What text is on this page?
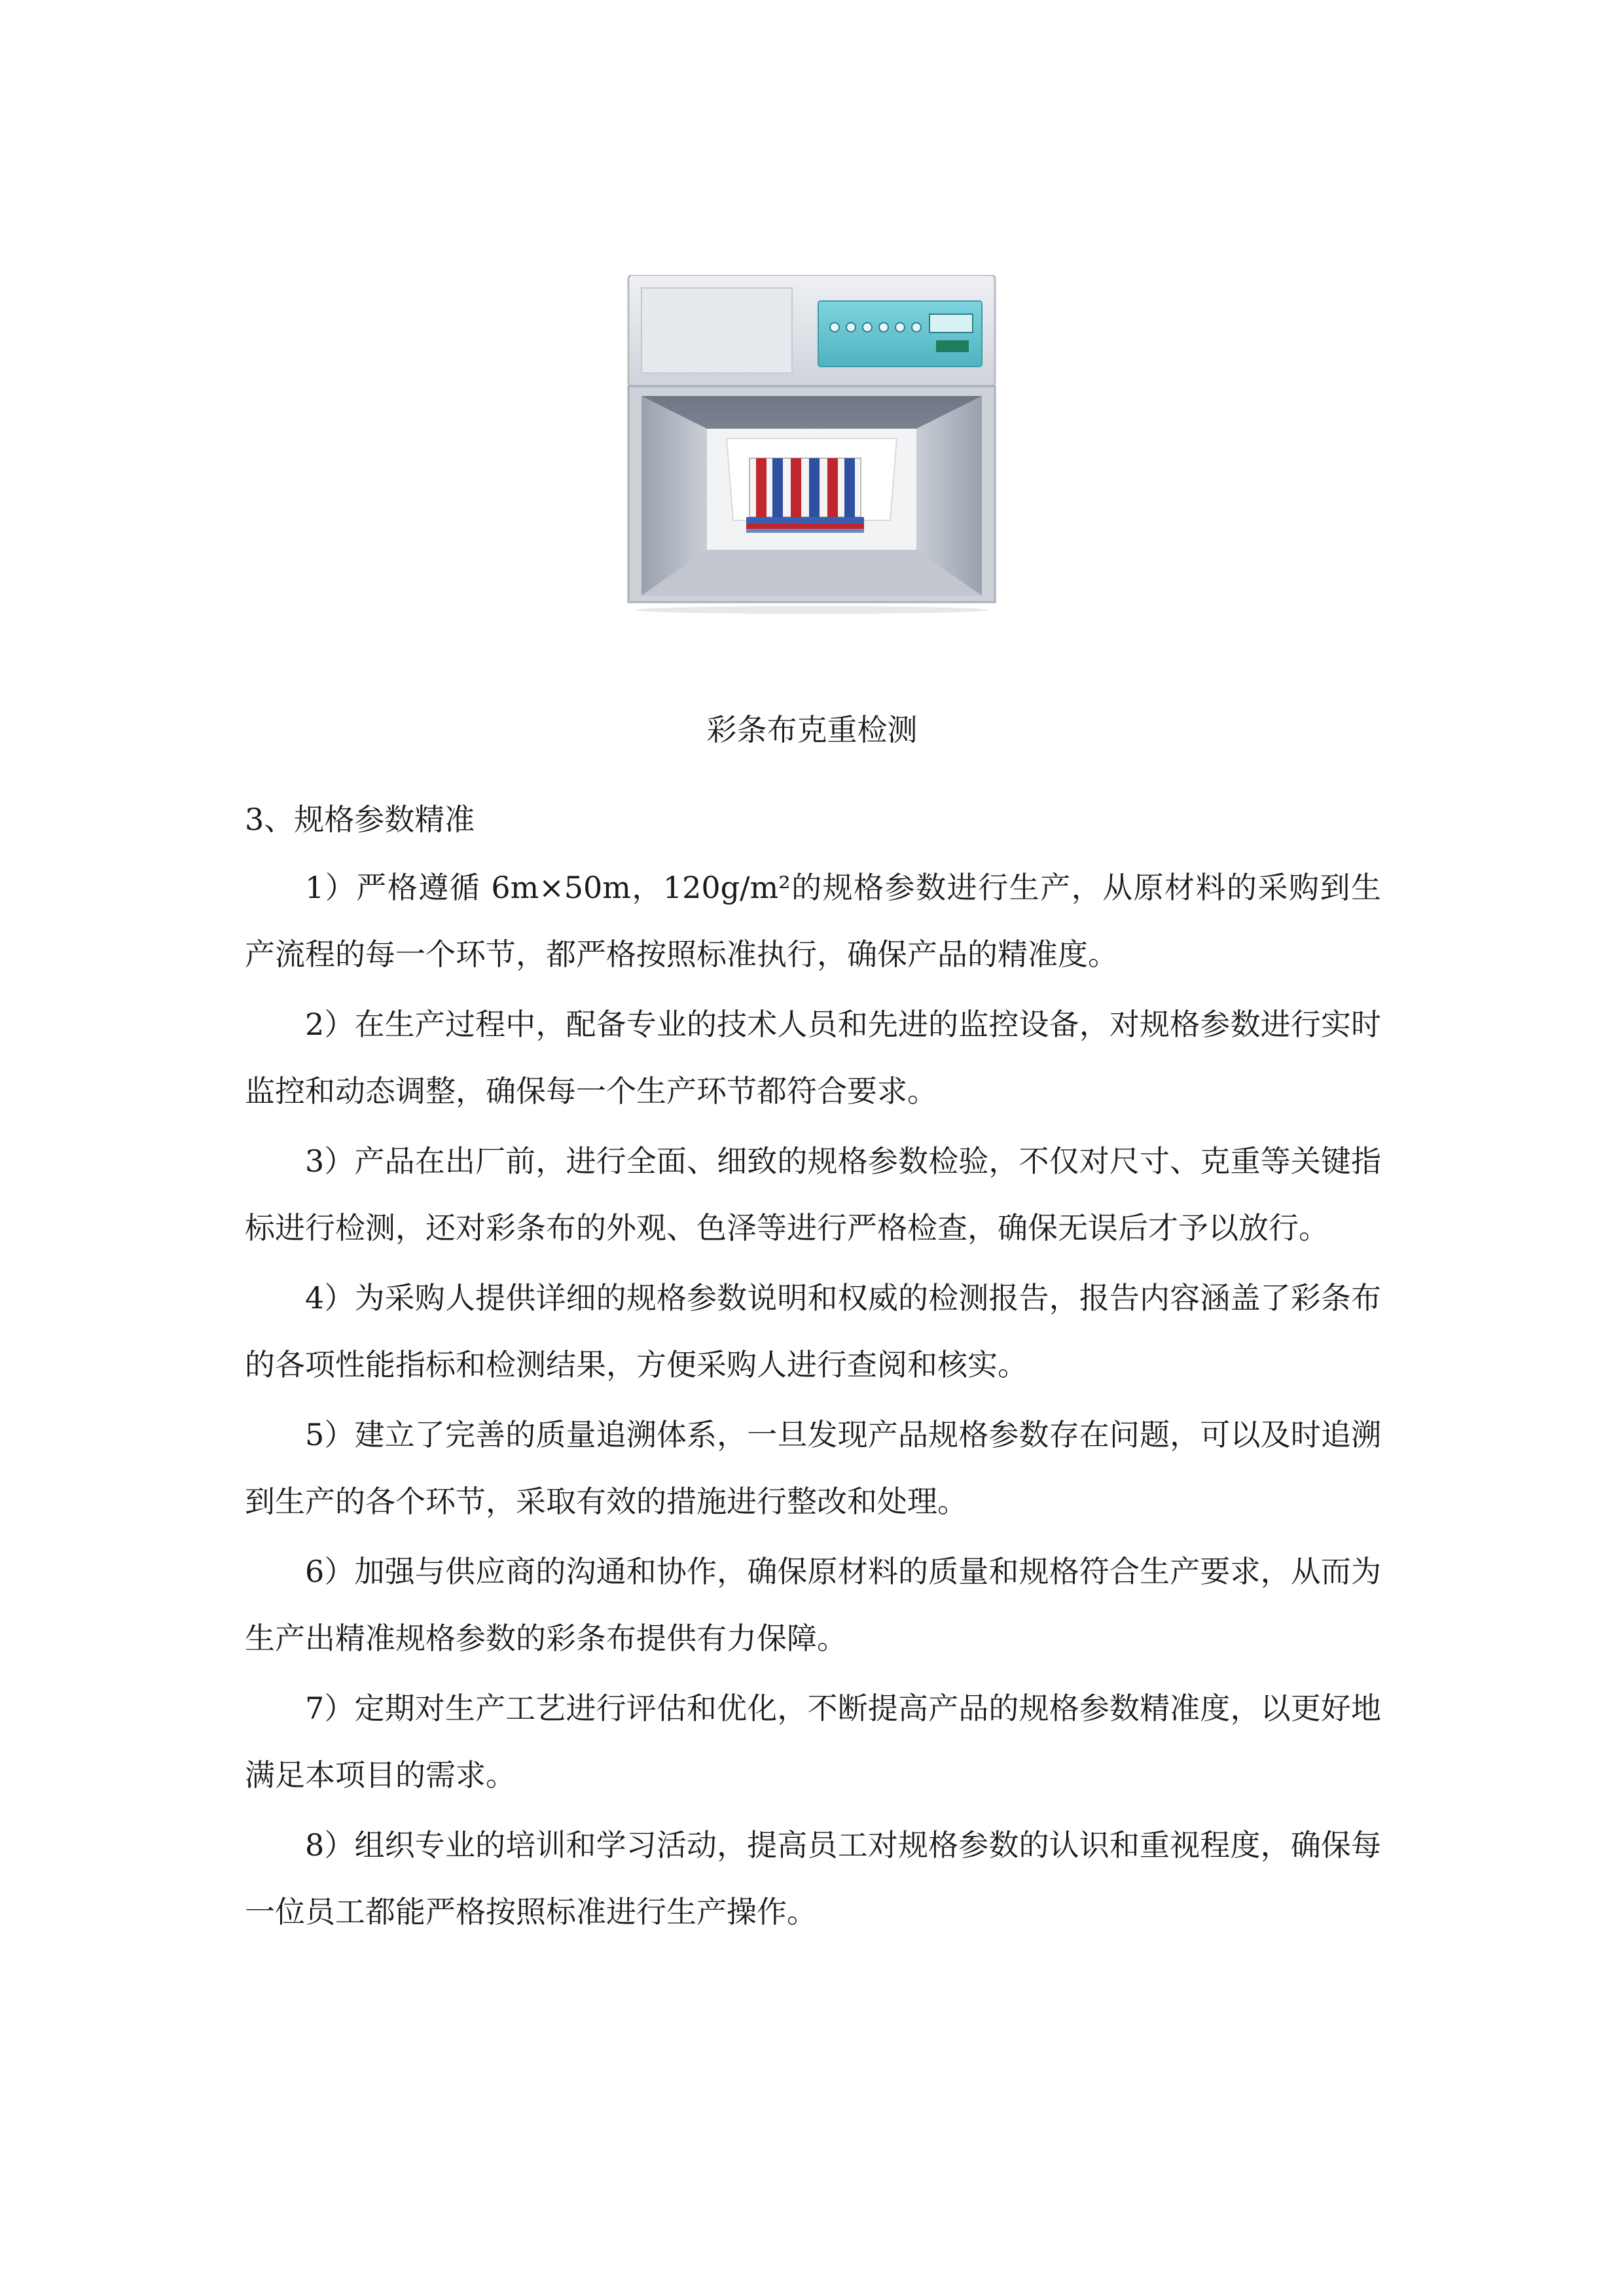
彩条布克重检测

3、规格参数精准

1）严格遵循 6m×50m，120g/m²的规格参数进行生产，从原材料的采购到生产流程的每一个环节，都严格按照标准执行，确保产品的精准度。

2）在生产过程中，配备专业的技术人员和先进的监控设备，对规格参数进行实时监控和动态调整，确保每一个生产环节都符合要求。

3）产品在出厂前，进行全面、细致的规格参数检验，不仅对尺寸、克重等关键指标进行检测，还对彩条布的外观、色泽等进行严格检查，确保无误后才予以放行。

4）为采购人提供详细的规格参数说明和权威的检测报告，报告内容涵盖了彩条布的各项性能指标和检测结果，方便采购人进行查阅和核实。

5）建立了完善的质量追溯体系，一旦发现产品规格参数存在问题，可以及时追溯到生产的各个环节，采取有效的措施进行整改和处理。

6）加强与供应商的沟通和协作，确保原材料的质量和规格符合生产要求，从而为生产出精准规格参数的彩条布提供有力保障。

7）定期对生产工艺进行评估和优化，不断提高产品的规格参数精准度，以更好地满足本项目的需求。

8）组织专业的培训和学习活动，提高员工对规格参数的认识和重视程度，确保每一位员工都能严格按照标准进行生产操作。
